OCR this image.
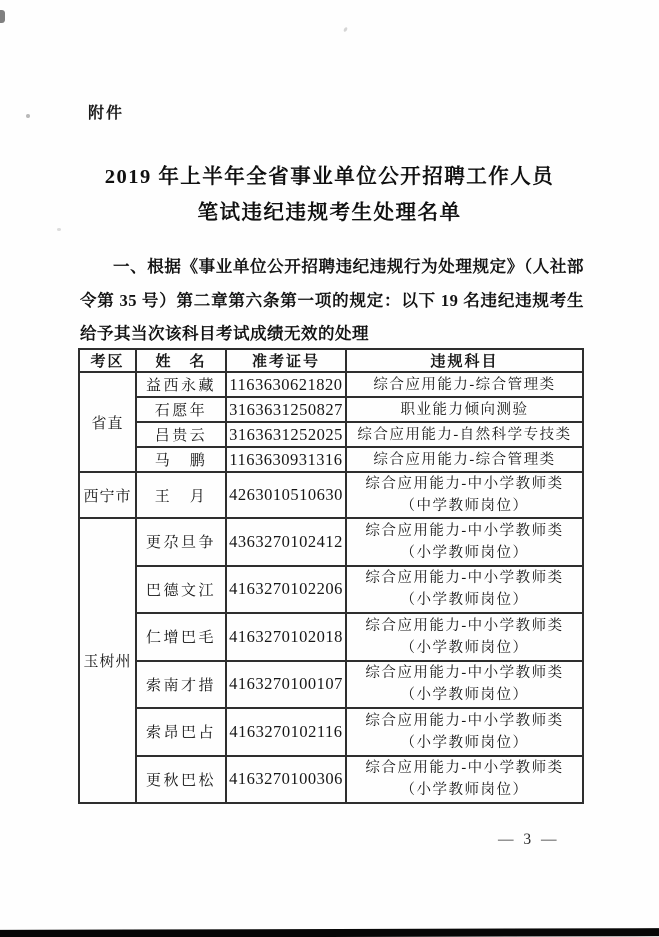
附件
2019 年上半年全省事业单位公开招聘工作人员
笔试违纪违规考生处理名单

一、根据《事业单位公开招聘违纪违规行为处理规定》（人社部令第 35 号）第二章第六条第一项的规定：以下 19 名违纪违规考生给予其当次该科目考试成绩无效的处理

考区	姓　名	准考证号	违规科目
省直	益西永藏	1163630621820	综合应用能力-综合管理类
	石愿年	3163631250827	职业能力倾向测验
	吕贵云	3163631252025	综合应用能力-自然科学专技类
	马　鹏	1163630931316	综合应用能力-综合管理类
西宁市	王　月	4263010510630	综合应用能力-中小学教师类
（中学教师岗位）

玉树州	更尕旦争	4363270102412	综合应用能力-中小学教师类
（小学教师岗位）

	巴德文江	4163270102206	综合应用能力-中小学教师类
（小学教师岗位）

	仁增巴毛	4163270102018	综合应用能力-中小学教师类
（小学教师岗位）

	索南才措	4163270100107	综合应用能力-中小学教师类
（小学教师岗位）

	索昂巴占	4163270102116	综合应用能力-中小学教师类
（小学教师岗位）

	更秋巴松	4163270100306	综合应用能力-中小学教师类
（小学教师岗位）
— 3 —
